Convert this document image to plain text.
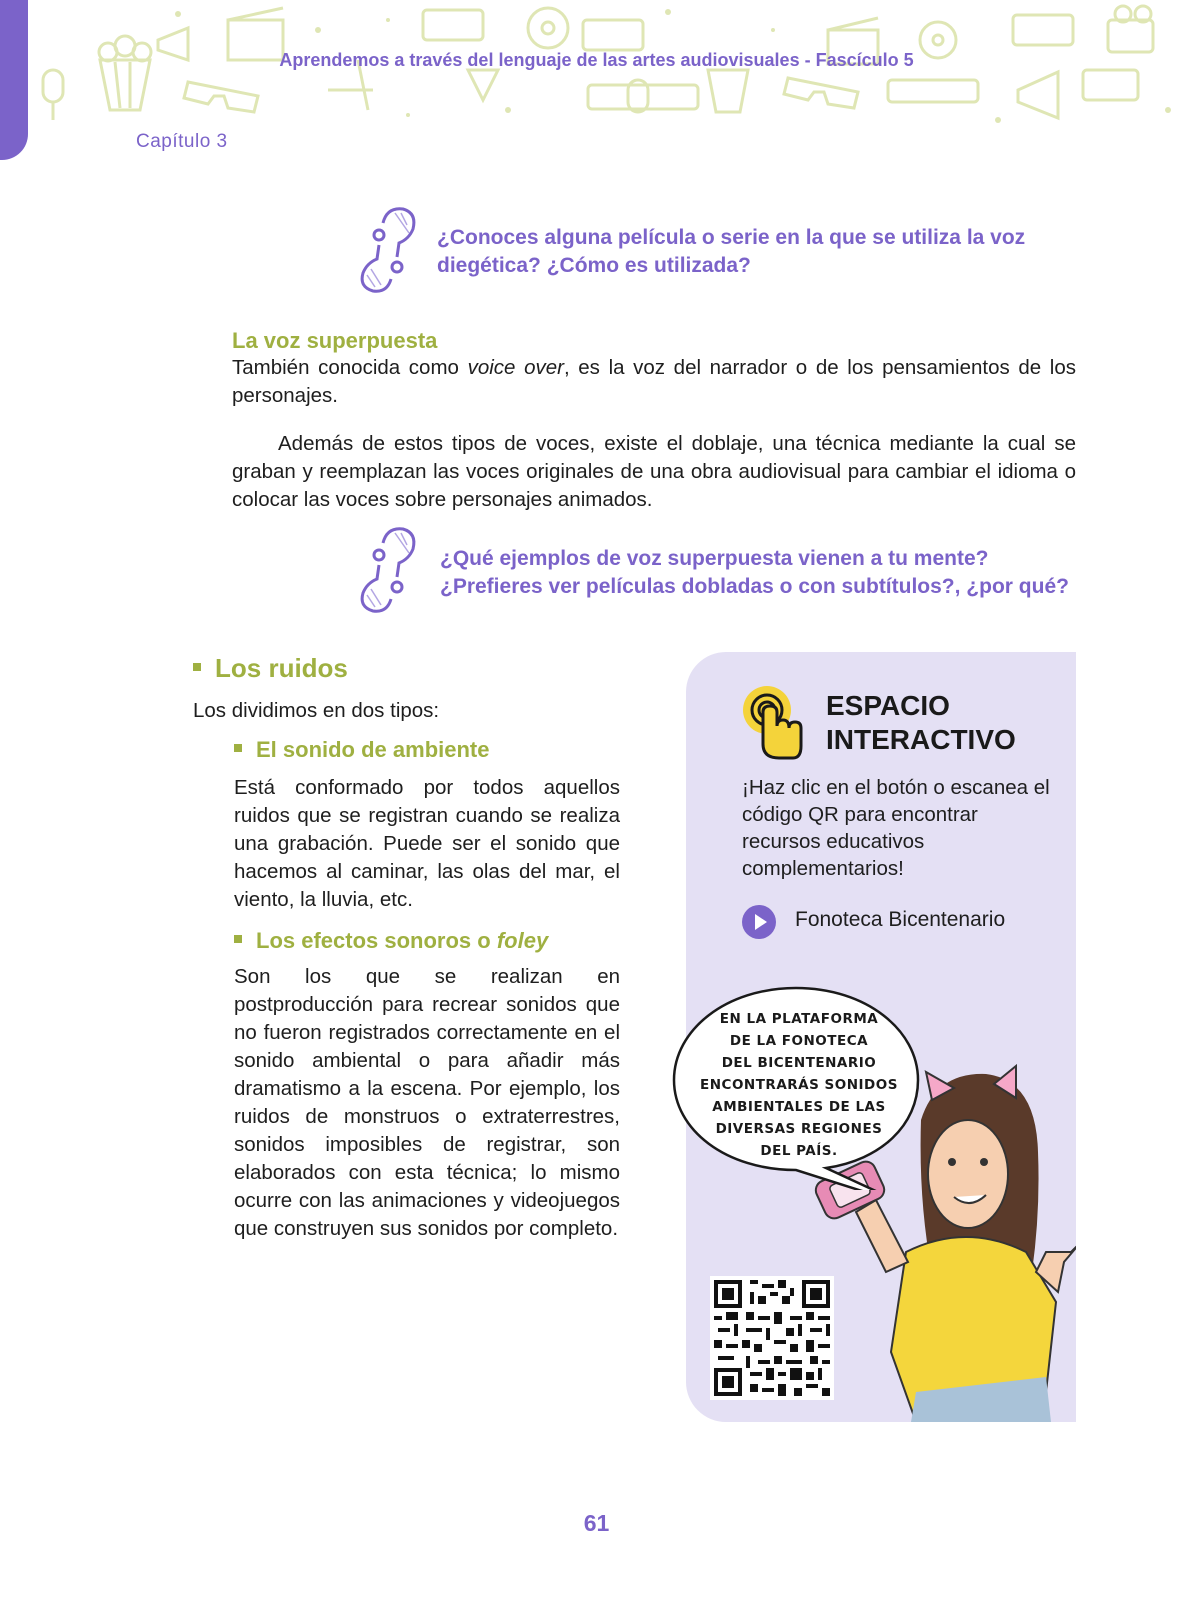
Aprendemos a través del lenguaje de las artes audiovisuales - Fascículo 5
Capítulo 3
¿Conoces alguna película o serie en la que se utiliza la voz
diegética? ¿Cómo es utilizada?
La voz superpuesta
También conocida como voice over, es la voz del narrador o de los pensamientos de los personajes.
Además de estos tipos de voces, existe el doblaje, una técnica mediante la cual se graban y reemplazan las voces originales de una obra audiovisual para cambiar el idioma o colocar las voces sobre personajes animados.
¿Qué ejemplos de voz superpuesta vienen a tu mente?
¿Prefieres ver películas dobladas o con subtítulos?, ¿por qué?
Los ruidos
Los dividimos en dos tipos:
El sonido de ambiente
Está conformado por todos aquellos ruidos que se registran cuando se realiza una grabación. Puede ser el sonido que hacemos al caminar, las olas del mar, el viento, la lluvia, etc.
Los efectos sonoros o foley
Son los que se realizan en postproducción para recrear sonidos que no fueron registrados correctamente en el sonido ambiental o para añadir más dramatismo a la escena. Por ejemplo, los ruidos de monstruos o extraterrestres, sonidos imposibles de registrar, son elaborados con esta técnica; lo mismo ocurre con las animaciones y videojuegos que construyen sus sonidos por completo.
ESPACIO
INTERACTIVO
¡Haz clic en el botón o escanea el código QR para encontrar recursos educativos complementarios!
Fonoteca Bicentenario
EN LA PLATAFORMA
DE LA FONOTECA
DEL BICENTENARIO
ENCONTRARÁS SONIDOS
AMBIENTALES DE LAS
DIVERSAS REGIONES
DEL PAÍS.
61
